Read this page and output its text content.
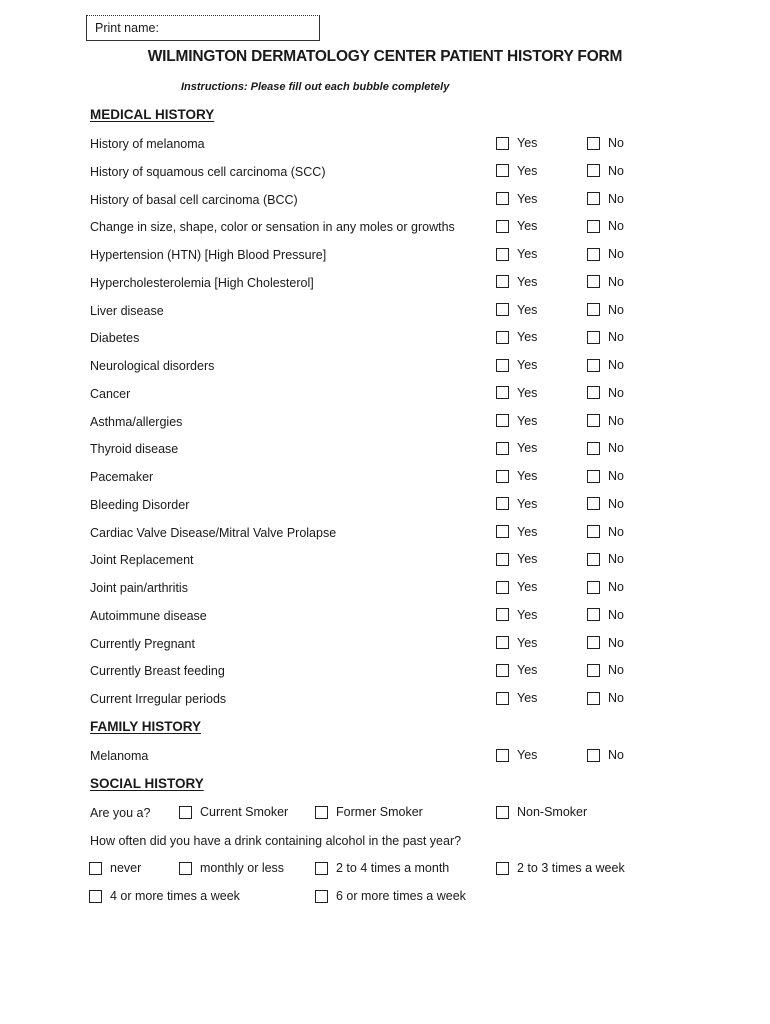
Print name:
WILMINGTON DERMATOLOGY CENTER PATIENT HISTORY FORM
Instructions: Please fill out each bubble completely
MEDICAL HISTORY
History of melanoma	Yes	No
History of squamous cell carcinoma (SCC)	Yes	No
History of basal cell carcinoma (BCC)	Yes	No
Change in size, shape, color or sensation in any moles or growths	Yes	No
Hypertension (HTN) [High Blood Pressure]	Yes	No
Hypercholesterolemia [High Cholesterol]	Yes	No
Liver disease	Yes	No
Diabetes	Yes	No
Neurological disorders	Yes	No
Cancer	Yes	No
Asthma/allergies	Yes	No
Thyroid disease	Yes	No
Pacemaker	Yes	No
Bleeding Disorder	Yes	No
Cardiac Valve Disease/Mitral Valve Prolapse	Yes	No
Joint Replacement	Yes	No
Joint pain/arthritis	Yes	No
Autoimmune disease	Yes	No
Currently Pregnant	Yes	No
Currently Breast feeding	Yes	No
Current Irregular periods	Yes	No
FAMILY HISTORY
Melanoma	Yes	No
SOCIAL HISTORY
Are you a?	Current Smoker	Former Smoker	Non-Smoker
How often did you have a drink containing alcohol in the past year?
never	monthly or less	2 to 4 times a month	2 to 3 times a week
4 or more times a week	6 or more times a week
